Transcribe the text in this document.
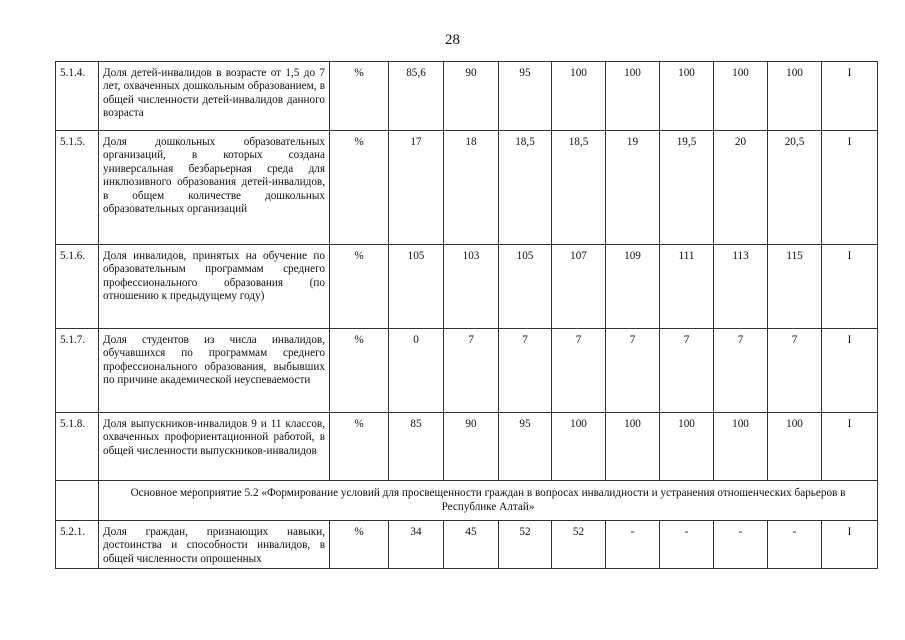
28
5.1.4.	Доля детей-инвалидов в возрасте от 1,5 до 7 лет, охваченных дошкольным образованием, в общей численности детей-инвалидов данного возраста	%	85,6	90	95	100	100	100	100	100	I
5.1.5.	Доля дошкольных образовательных организаций, в которых создана универсальная безбарьерная среда для инклюзивного образования детей-инвалидов, в общем количестве дошкольных образовательных организаций	%	17	18	18,5	18,5	19	19,5	20	20,5	I
5.1.6.	Доля инвалидов, принятых на обучение по образовательным программам среднего профессионального образования (по отношению к предыдущему году)	%	105	103	105	107	109	111	113	115	I
5.1.7.	Доля студентов из числа инвалидов, обучавшихся по программам среднего профессионального образования, выбывших по причине академической неуспеваемости	%	0	7	7	7	7	7	7	7	I
5.1.8.	Доля выпускников-инвалидов 9 и 11 классов, охваченных профориентационной работой, в общей численности выпускников-инвалидов	%	85	90	95	100	100	100	100	100	I
	Основное мероприятие 5.2 «Формирование условий для просвещенности граждан в вопросах инвалидности и устранения отношенческих барьеров в Республике Алтай»										
5.2.1.	Доля граждан, признающих навыки, достоинства и способности инвалидов, в общей численности опрошенных	%	34	45	52	52	-	-	-	-	I
